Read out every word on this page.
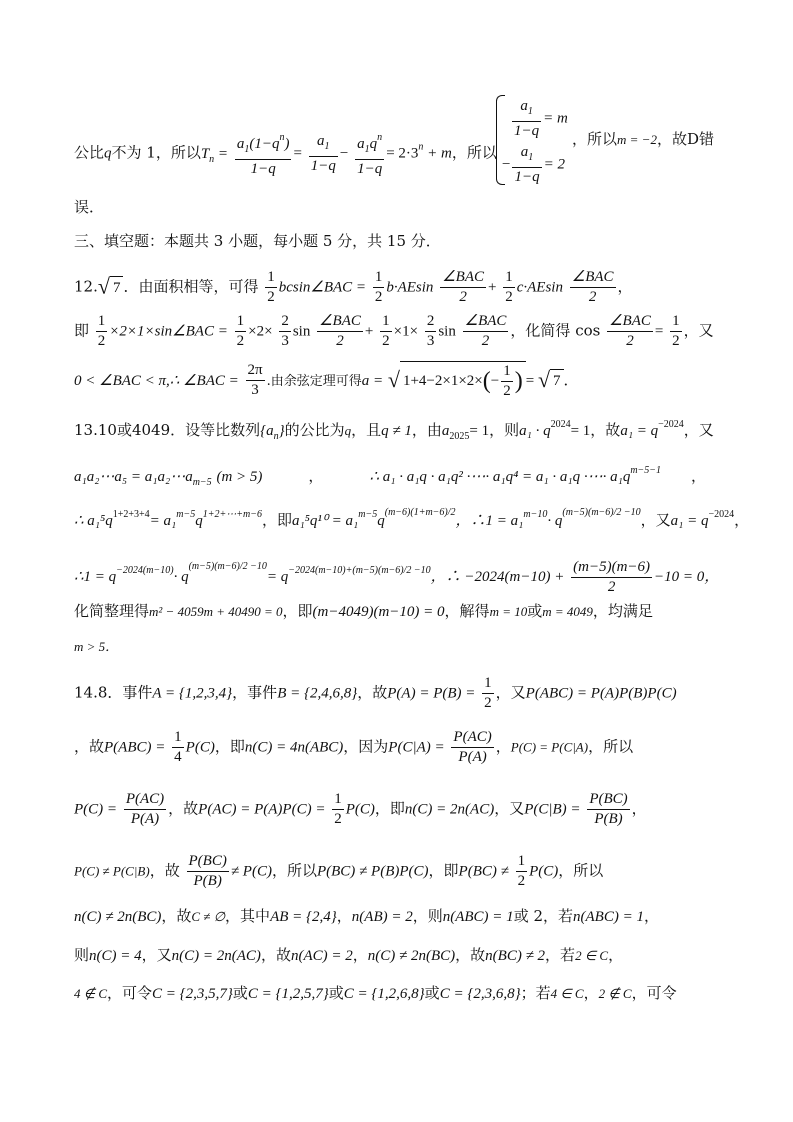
公比q不为 1，所以$T_n = \frac{a_1(1-q^n)}{1-q} = \frac{a_1}{1-q} - \frac{a_1q^n}{1-q} = 2\cdot 3^n + m$，所以
$\frac{a_1}{1-q} = m$
− $\frac{a_1}{1-q} = 2$
，所以m = −2，故D错
误．
三、填空题：本题共 3 小题，每小题 5 分，共 15 分．
12.√ 7 ．由面积相等，可得 $\frac{1}{2}$ bcsin∠BAC = $\frac{1}{2} b\cdot AEsin \frac{\text{∠BAC}}{2} + \frac{1}{2} c\cdot AEsin \frac{\text{∠BAC}}{2}$ ，
即 $\frac{1}{2}$ ×2×1×sin∠BAC = $\frac{1}{2} \times 2\times \frac{2}{3}$ $\sin \frac{\text{∠BAC}}{2} + \frac{1}{2} \times 1\times \frac{2}{3}$ $\sin \frac{\text{∠BAC}}{2}$ ，化简得 $\cos \frac{\text{∠BAC}}{2} = \frac{1}{2}$ ，又
0 < ∠BAC < π,∴ ∠BAC = $\frac{2\pi}{3}$ .由余弦定理可得a = √ $1+4-2\times 1\times 2\times(- \frac{1}{2}$ ) = √ 7 ．
13.10或4049．设等比数列$\{a_n\}$的公比为q，且q ≠ 1，由$a_{2025}= 1$，则$a_1 \cdot q^{2024}= 1$，故$a_1 = q^{-2024}$，又
a₁a₂⋯a₅ = $a_1a_2\cdots a_{m-5}$ (m > 5)	，	∴ a₁ · a₁q · a₁q² ·⋯· a₁q⁴ = a₁ · a₁q ·⋯· $a_1q^{m-5-1}$ ，
∴ $a_1^5q^{1+2+3+4}= a_1^{m-5}q^{1+2+\cdots+m-6}$，即$a_1^5q^{10} = a_1^{m-5}q^{(m-6)(1+m-6)/2}$，∴1 = $a_1^{m-10}\cdot q^{(m-5)(m-6)/2 -10}$，又$a_1 = q^{-2024}$，
∴1 = $q^{-2024(m-10)}\cdot q^{(m-5)(m-6)/2 -10}= q^{-2024(m-10)+(m-5)(m-6)/2 -10}$，∴ $-2024(m-10) + \frac{(m-5)(m-6)}{2} -10 = 0$，
化简整理得m² − 4059m + 40490 = 0，即(m−4049)(m−10) = 0，解得m = 10或m = 4049，均满足
m > 5．
14.8．事件A = {1,2,3,4}，事件B = {2,4,6,8}，故$P(A) = P(B) = \frac{1}{2}$ ，又P(ABC) = P(A)P(B)P(C)
，故$P(ABC) = \frac{1}{4} P(C)$，即n(C) = 4n(ABC)，因为$P(C|A) = \frac{P(AC)}{P(A)}$ ，P(C) = P(C|A)，所以
$P(C) = \frac{P(AC)}{P(A)}$ ，故$P(AC) = P(A)P(C) = \frac{1}{2} P(C)$，即n(C) = 2n(AC)，又$P(C|B) = \frac{P(BC)}{P(B)}$ ，
P(C) ≠ P(C|B)，故 $\frac{P(BC)}{P(B)} \ne P(C)$，所以P(BC) ≠ P(B)P(C)，即$P(BC) \ne \frac{1}{2} P(C)$，所以
n(C) ≠ 2n(BC)，故C ≠ ∅，其中AB = {2,4}，n(AB) = 2，则n(ABC) = 1或 2，若n(ABC) = 1，
则n(C) = 4，又n(C) = 2n(AC)，故n(AC) = 2，n(C) ≠ 2n(BC)，故n(BC) ≠ 2，若2 ∈ C，
4 ∉ C，可令C = {2,3,5,7}或C = {1,2,5,7}或C = {1,2,6,8}或C = {2,3,6,8}；若4 ∈ C，2 ∉ C，可令
